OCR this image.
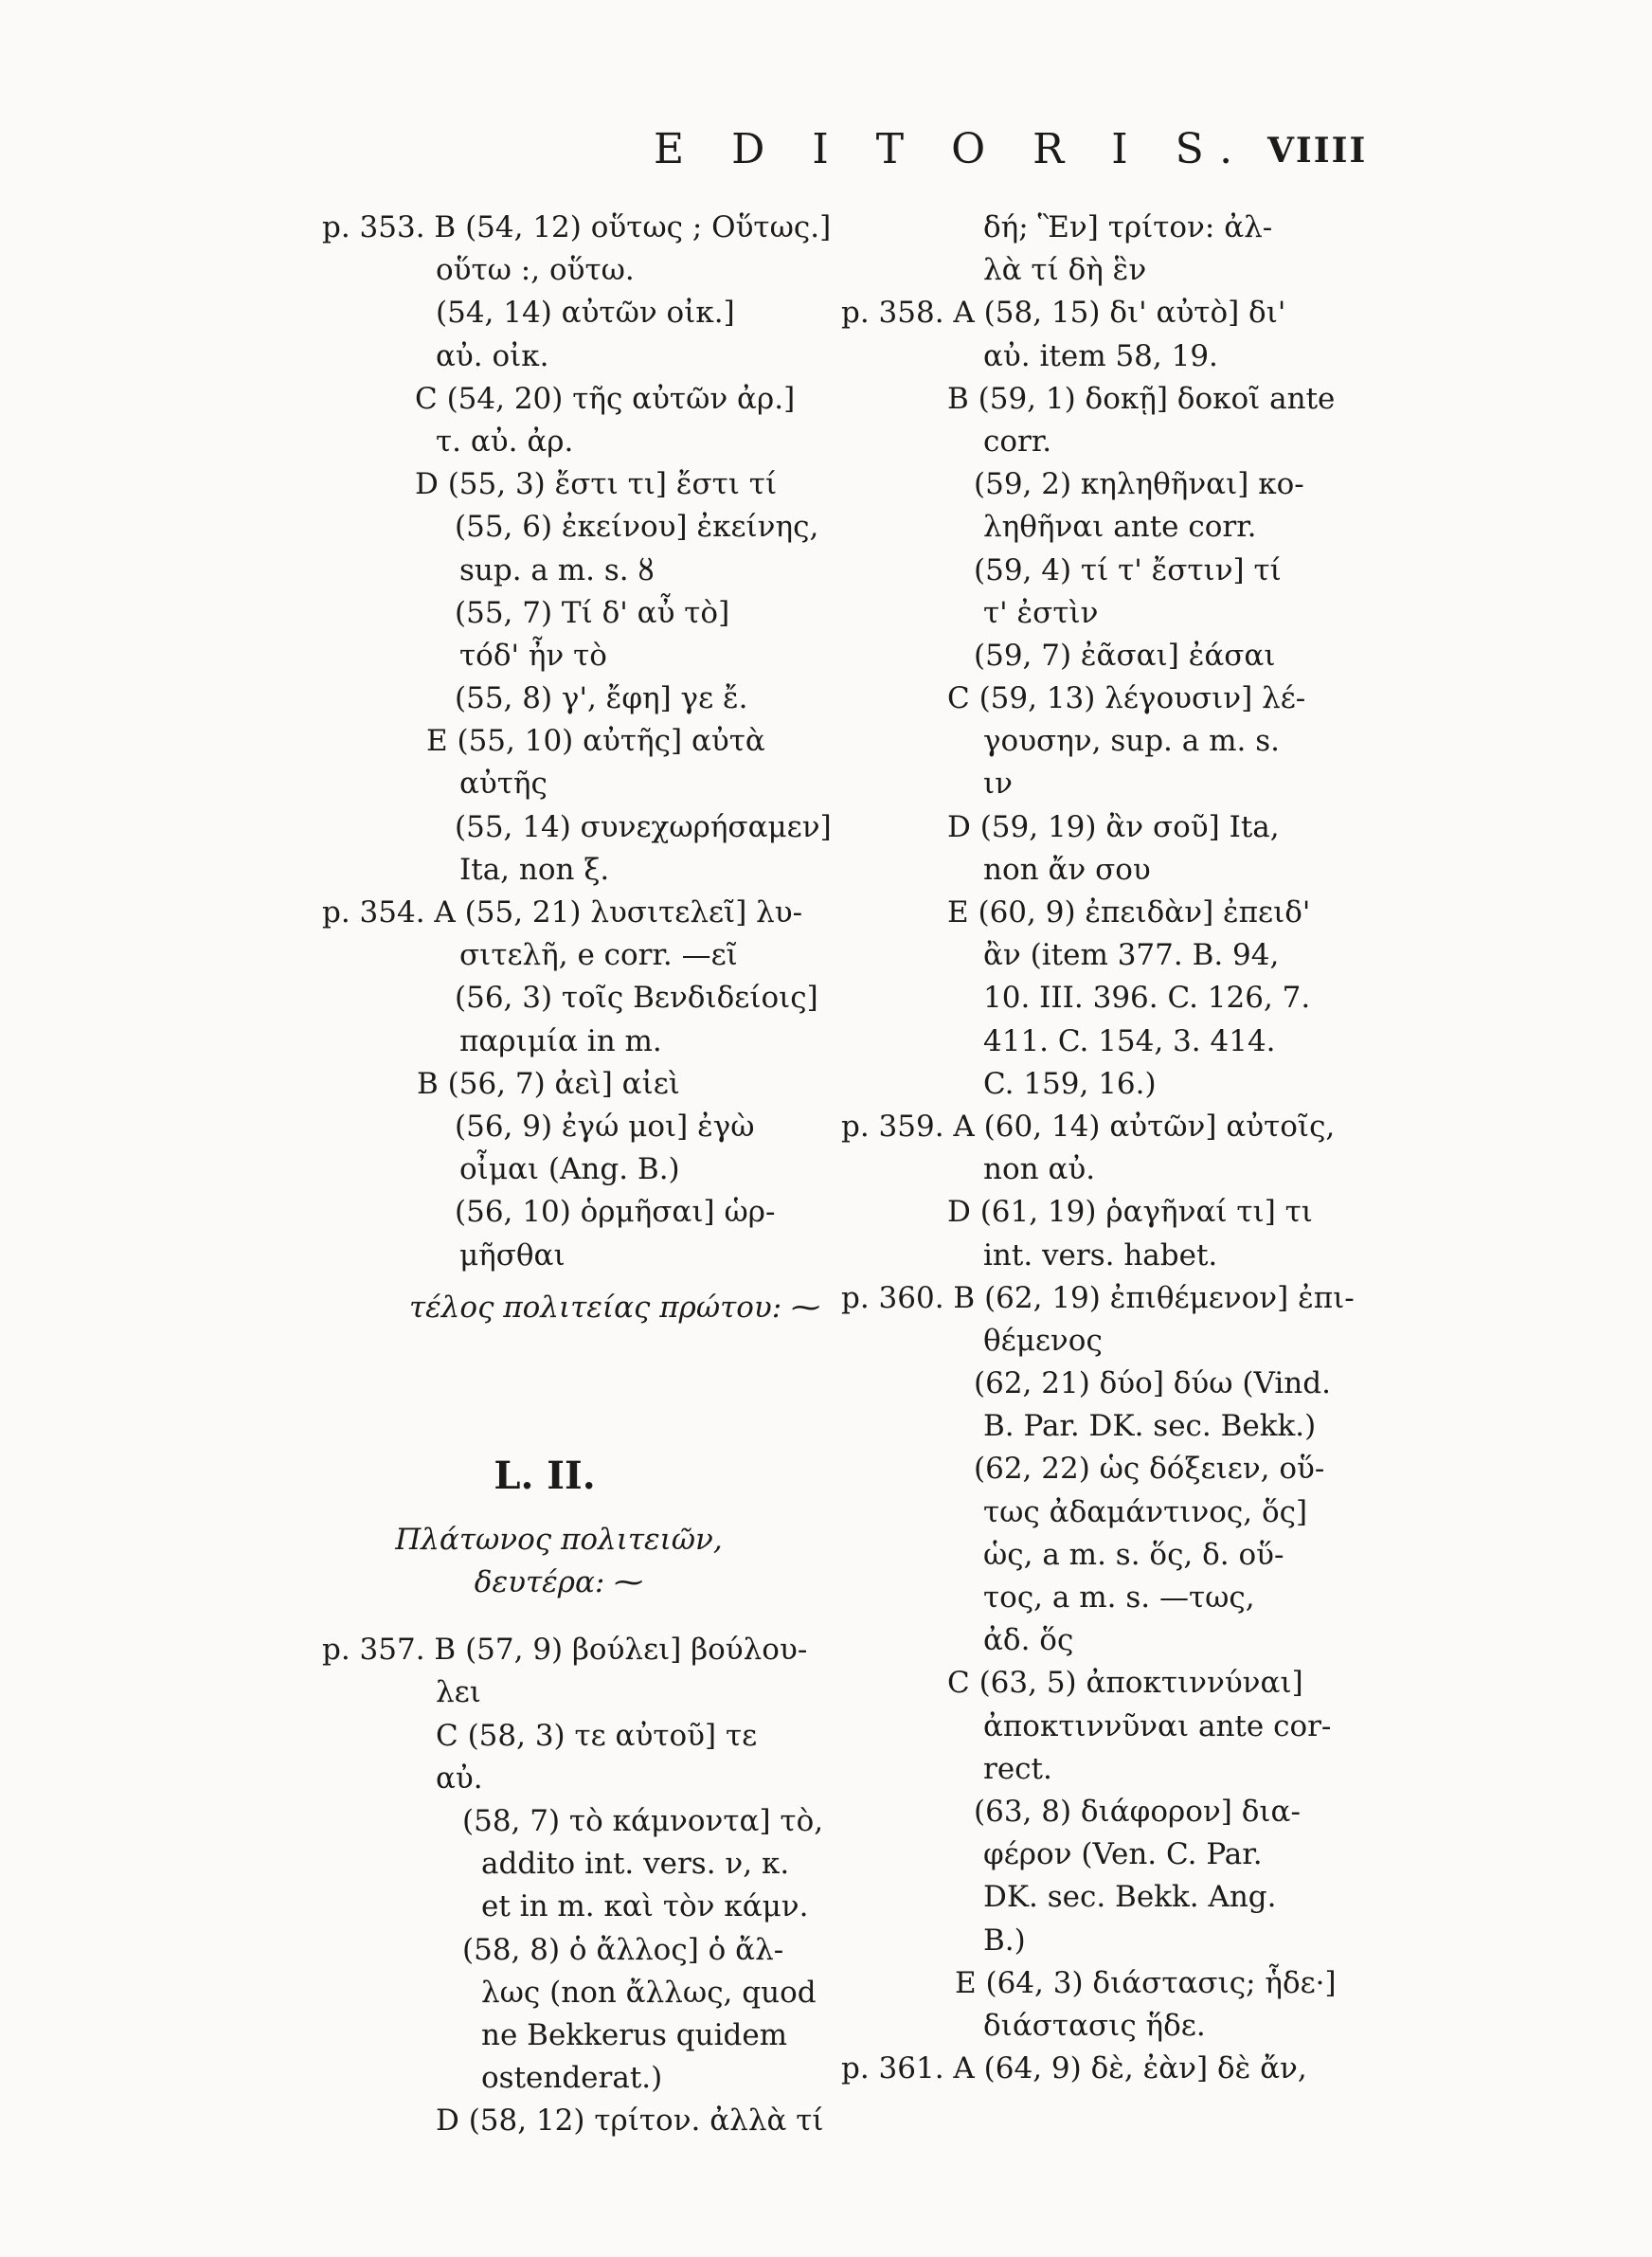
E D I T O R I S. VIIII
p. 353. B (54, 12) οὕτως ; Οὕτως.]
οὕτω :, οὕτω.
(54, 14) αὐτῶν οἰκ.]
αὐ. οἰκ.
C (54, 20) τῆς αὐτῶν ἀρ.]
τ. αὐ. ἀρ.
D (55, 3) ἔστι τι] ἔστι τί
(55, 6) ἐκείνου] ἐκείνης,
sup. a m. s. ȣ
(55, 7) Τί δ' αὖ τὸ]
τόδ' ἦν τὸ
(55, 8) γ', ἔφη] γε ἔ.
E (55, 10) αὐτῆς] αὐτὰ
αὐτῆς
(55, 14) συνεχωρήσαμεν]
Ita, non ξ.
p. 354. A (55, 21) λυσιτελεῖ] λυ-
σιτελῆ, e corr. —εῖ
(56, 3) τοῖς Βενδιδείοις]
παριμία in m.
B (56, 7) ἀεὶ] αἰεὶ
(56, 9) ἐγώ μοι] ἐγὼ
οἶμαι (Ang. B.)
(56, 10) ὁρμῆσαι] ὡρ-
μῆσθαι
τέλος πολιτείας πρώτου: ⁓
L. II.
Πλάτωνος πολιτειῶν,
δευτέρα: ⁓
p. 357. B (57, 9) βούλει] βούλου-
λει
C (58, 3) τε αὐτοῦ] τε
αὐ.
(58, 7) τὸ κάμνοντα] τὸ,
addito int. vers. ν, κ.
et in m. καὶ τὸν κάμν.
(58, 8) ὁ ἄλλος] ὁ ἄλ-
λως (non ἄλλως, quod
ne Bekkerus quidem
ostenderat.)
D (58, 12) τρίτον. ἀλλὰ τί
δή; Ἓν] τρίτον: ἀλ-
λὰ τί δὴ ἓν
p. 358. A (58, 15) δι' αὐτὸ] δι'
αὐ. item 58, 19.
B (59, 1) δοκῇ] δοκοῖ ante
corr.
(59, 2) κηληθῆναι] κο-
ληθῆναι ante corr.
(59, 4) τί τ' ἔστιν] τί
τ' ἐστὶν
(59, 7) ἐᾶσαι] ἐάσαι
C (59, 13) λέγουσιν] λέ-
γουσην, sup. a m. s.
ιν
D (59, 19) ἂν σοῦ] Ita,
non ἄν σου
E (60, 9) ἐπειδὰν] ἐπειδ'
ἂν (item 377. B. 94,
10. III. 396. C. 126, 7.
411. C. 154, 3. 414.
C. 159, 16.)
p. 359. A (60, 14) αὐτῶν] αὐτοῖς,
non αὐ.
D (61, 19) ῥαγῆναί τι] τι
int. vers. habet.
p. 360. B (62, 19) ἐπιθέμενον] ἐπι-
θέμενος
(62, 21) δύο] δύω (Vind.
B. Par. DK. sec. Bekk.)
(62, 22) ὡς δόξειεν, οὕ-
τως ἀδαμάντινος, ὅς]
ὡς, a m. s. ὅς, δ. οὕ-
τος, a m. s. —τως,
ἀδ. ὅς
C (63, 5) ἀποκτιννύναι]
ἀποκτιννῦναι ante cor-
rect.
(63, 8) διάφορον] δια-
φέρον (Ven. C. Par.
DK. sec. Bekk. Ang.
B.)
E (64, 3) διάστασις; ἧδε·]
διάστασις ἥδε.
p. 361. A (64, 9) δὲ, ἐὰν] δὲ ἄν,
